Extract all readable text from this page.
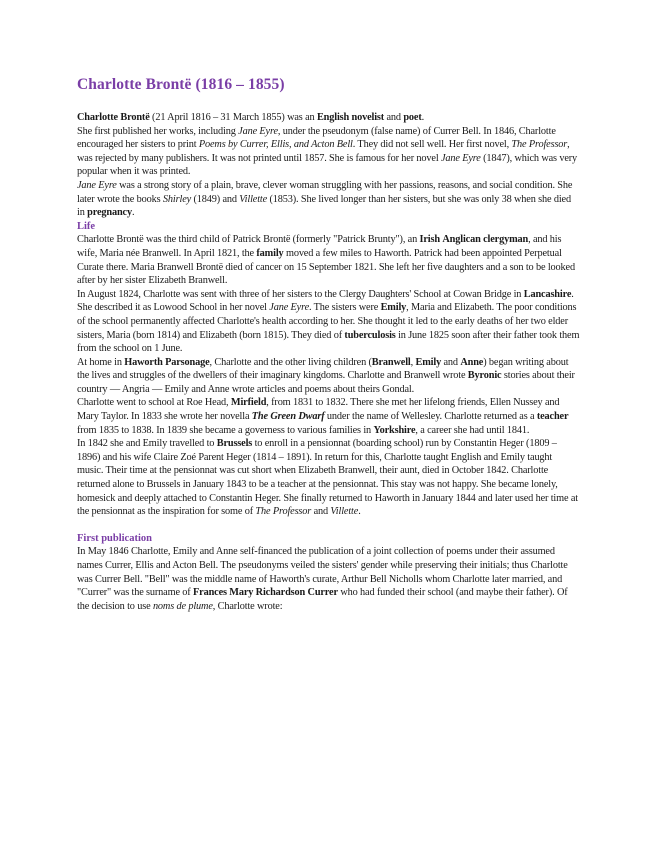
Charlotte Brontë (1816 – 1855)

Charlotte Brontë (21 April 1816 – 31 March 1855) was an English novelist and poet.

She first published her works, including Jane Eyre, under the pseudonym (false name) of Currer Bell. In 1846, Charlotte encouraged her sisters to print Poems by Currer, Ellis, and Acton Bell. They did not sell well. Her first novel, The Professor, was rejected by many publishers. It was not printed until 1857. She is famous for her novel Jane Eyre (1847), which was very popular when it was printed.

Jane Eyre was a strong story of a plain, brave, clever woman struggling with her passions, reasons, and social condition. She later wrote the books Shirley (1849) and Villette (1853). She lived longer than her sisters, but she was only 38 when she died in pregnancy.

Life

Charlotte Brontë was the third child of Patrick Brontë (formerly "Patrick Brunty"), an Irish Anglican clergyman, and his wife, Maria née Branwell. In April 1821, the family moved a few miles to Haworth. Patrick had been appointed Perpetual Curate there. Maria Branwell Brontë died of cancer on 15 September 1821. She left her five daughters and a son to be looked after by her sister Elizabeth Branwell.

In August 1824, Charlotte was sent with three of her sisters to the Clergy Daughters' School at Cowan Bridge in Lancashire. She described it as Lowood School in her novel Jane Eyre. The sisters were Emily, Maria and Elizabeth. The poor conditions of the school permanently affected Charlotte's health according to her. She thought it led to the early deaths of her two elder sisters, Maria (born 1814) and Elizabeth (born 1815). They died of tuberculosis in June 1825 soon after their father took them from the school on 1 June.

At home in Haworth Parsonage, Charlotte and the other living children (Branwell, Emily and Anne) began writing about the lives and struggles of the dwellers of their imaginary kingdoms. Charlotte and Branwell wrote Byronic stories about their country — Angria — Emily and Anne wrote articles and poems about theirs Gondal.

Charlotte went to school at Roe Head, Mirfield, from 1831 to 1832. There she met her lifelong friends, Ellen Nussey and Mary Taylor. In 1833 she wrote her novella The Green Dwarf under the name of Wellesley. Charlotte returned as a teacher from 1835 to 1838. In 1839 she became a governess to various families in Yorkshire, a career she had until 1841.

In 1842 she and Emily travelled to Brussels to enroll in a pensionnat (boarding school) run by Constantin Heger (1809 – 1896) and his wife Claire Zoé Parent Heger (1814 – 1891). In return for this, Charlotte taught English and Emily taught music. Their time at the pensionnat was cut short when Elizabeth Branwell, their aunt, died in October 1842. Charlotte returned alone to Brussels in January 1843 to be a teacher at the pensionnat. This stay was not happy. She became lonely, homesick and deeply attached to Constantin Heger. She finally returned to Haworth in January 1844 and later used her time at the pensionnat as the inspiration for some of The Professor and Villette.

First publication

In May 1846 Charlotte, Emily and Anne self-financed the publication of a joint collection of poems under their assumed names Currer, Ellis and Acton Bell. The pseudonyms veiled the sisters' gender while preserving their initials; thus Charlotte was Currer Bell. "Bell" was the middle name of Haworth's curate, Arthur Bell Nicholls whom Charlotte later married, and "Currer" was the surname of Frances Mary Richardson Currer who had funded their school (and maybe their father). Of the decision to use noms de plume, Charlotte wrote:
